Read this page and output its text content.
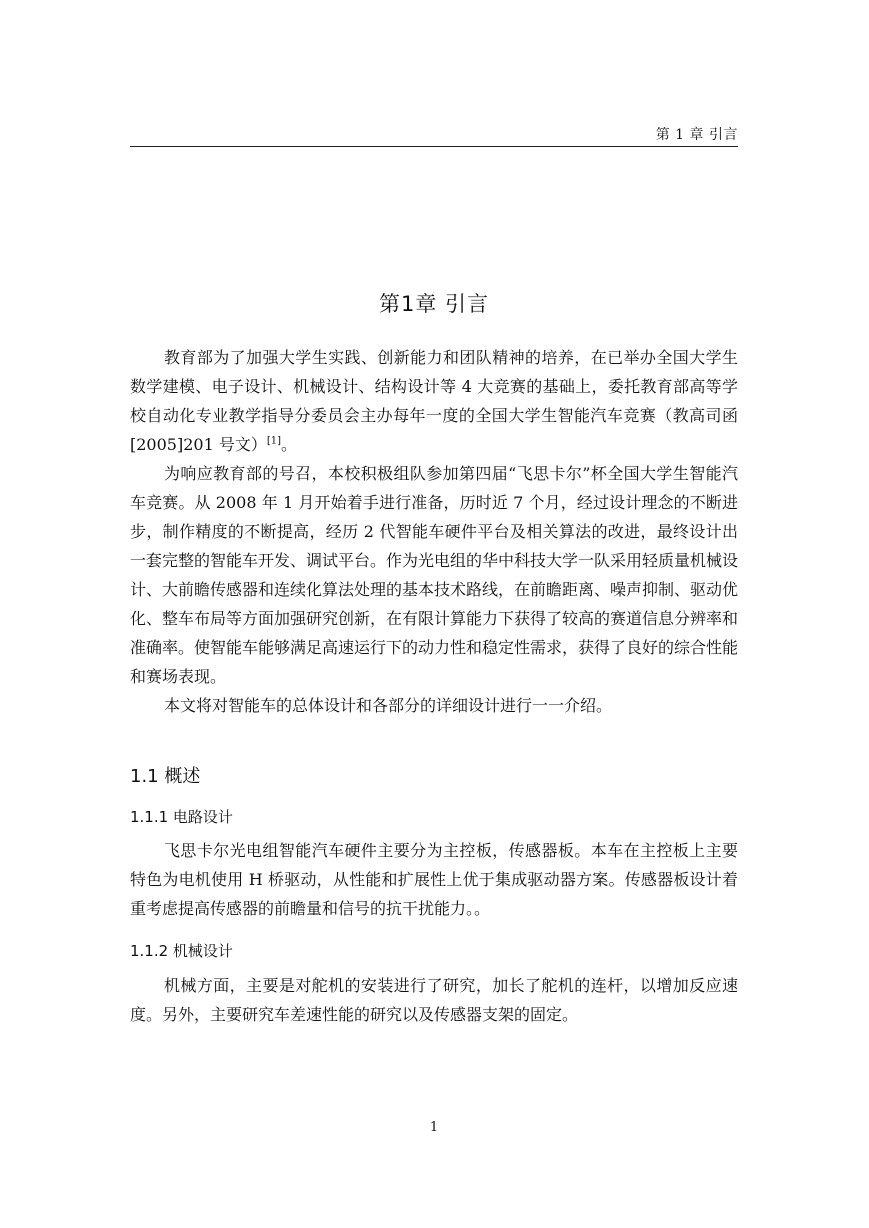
第 1 章 引言
第1章 引言

教育部为了加强大学生实践、创新能力和团队精神的培养，在已举办全国大学生数学建模、电子设计、机械设计、结构设计等 4 大竞赛的基础上，委托教育部高等学校自动化专业教学指导分委员会主办每年一度的全国大学生智能汽车竞赛（教高司函[2005]201 号文）[1]。

为响应教育部的号召，本校积极组队参加第四届“飞思卡尔”杯全国大学生智能汽车竞赛。从 2008 年 1 月开始着手进行准备，历时近 7 个月，经过设计理念的不断进步，制作精度的不断提高，经历 2 代智能车硬件平台及相关算法的改进，最终设计出一套完整的智能车开发、调试平台。作为光电组的华中科技大学一队采用轻质量机械设计、大前瞻传感器和连续化算法处理的基本技术路线，在前瞻距离、噪声抑制、驱动优化、整车布局等方面加强研究创新，在有限计算能力下获得了较高的赛道信息分辨率和准确率。使智能车能够满足高速运行下的动力性和稳定性需求，获得了良好的综合性能和赛场表现。

本文将对智能车的总体设计和各部分的详细设计进行一一介绍。

1.1 概述
1.1.1 电路设计

飞思卡尔光电组智能汽车硬件主要分为主控板，传感器板。本车在主控板上主要特色为电机使用 H 桥驱动，从性能和扩展性上优于集成驱动器方案。传感器板设计着重考虑提高传感器的前瞻量和信号的抗干扰能力。。

1.1.2 机械设计

机械方面，主要是对舵机的安装进行了研究，加长了舵机的连杆，以增加反应速度。另外，主要研究车差速性能的研究以及传感器支架的固定。

1
